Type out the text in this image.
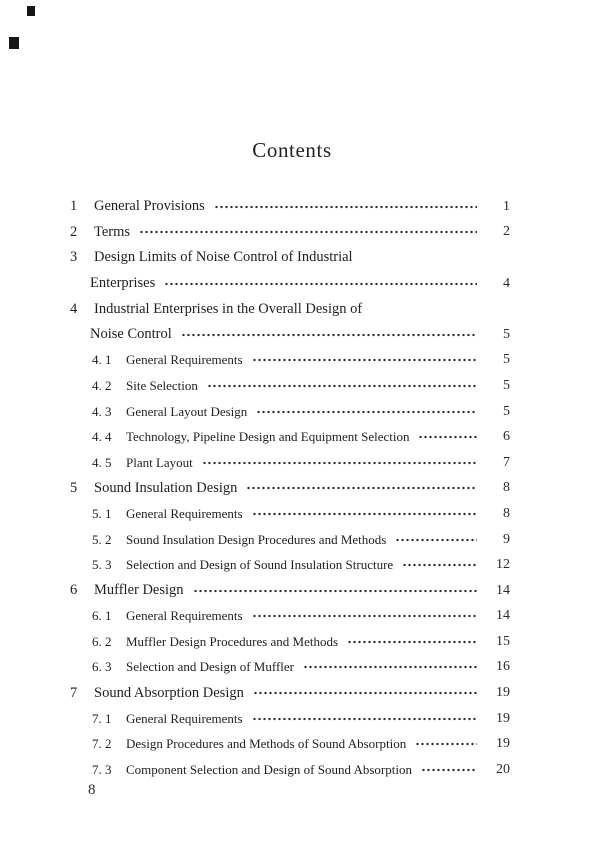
Contents
1	General Provisions	1
2	Terms	2
3	Design Limits of Noise Control of Industrial
Enterprises	4
4	Industrial Enterprises in the Overall Design of
Noise Control	5
4. 1	General Requirements	5
4. 2	Site Selection	5
4. 3	General Layout Design	5
4. 4	Technology, Pipeline Design and Equipment Selection	6
4. 5	Plant Layout	7
5	Sound Insulation Design	8
5. 1	General Requirements	8
5. 2	Sound Insulation Design Procedures and Methods	9
5. 3	Selection and Design of Sound Insulation Structure	12
6	Muffler Design	14
6. 1	General Requirements	14
6. 2	Muffler Design Procedures and Methods	15
6. 3	Selection and Design of Muffler	16
7	Sound Absorption Design	19
7. 1	General Requirements	19
7. 2	Design Procedures and Methods of Sound Absorption	19
7. 3	Component Selection and Design of Sound Absorption	20
8
